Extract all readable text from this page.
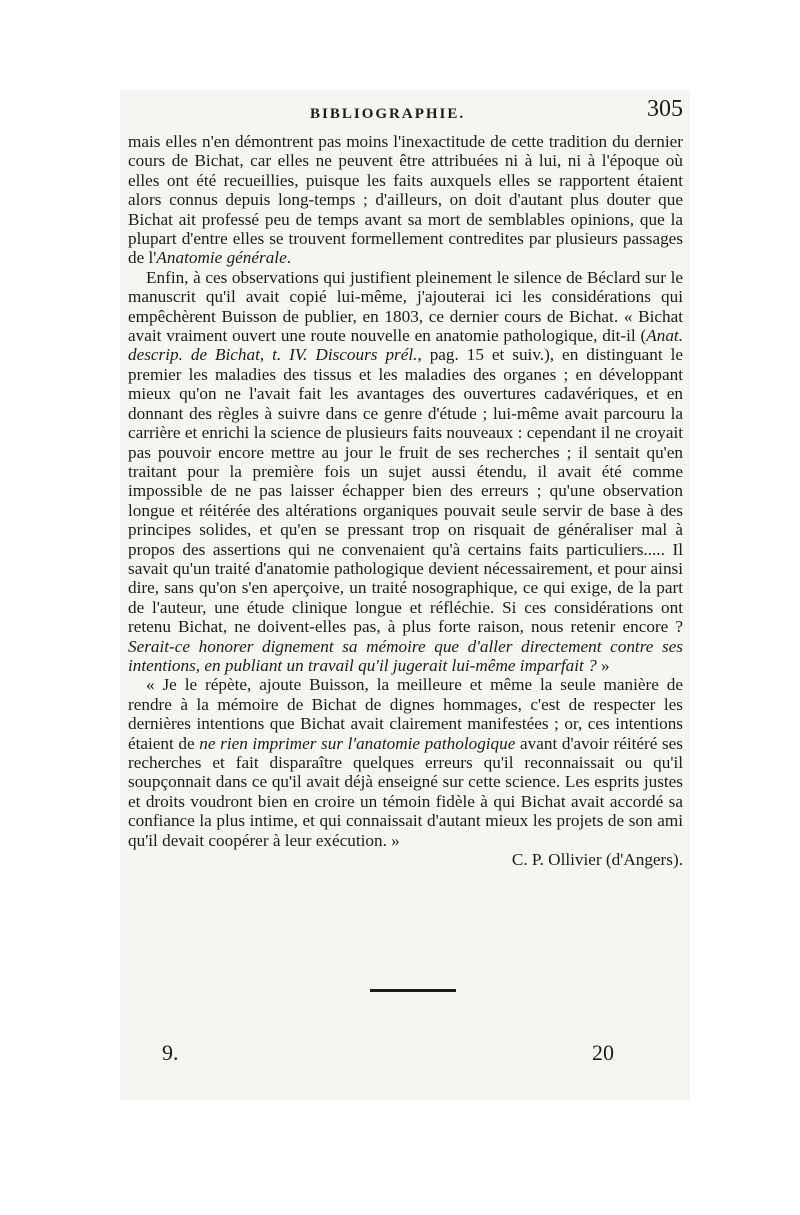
BIBLIOGRAPHIE.	305

mais elles n'en démontrent pas moins l'inexactitude de cette tradition du dernier cours de Bichat, car elles ne peuvent être attribuées ni à lui, ni à l'époque où elles ont été recueillies, puisque les faits auxquels elles se rapportent étaient alors connus depuis long-temps ; d'ailleurs, on doit d'autant plus douter que Bichat ait professé peu de temps avant sa mort de semblables opinions, que la plupart d'entre elles se trouvent formellement contredites par plusieurs passages de l'Anatomie générale.

Enfin, à ces observations qui justifient pleinement le silence de Béclard sur le manuscrit qu'il avait copié lui-même, j'ajouterai ici les considérations qui empêchèrent Buisson de publier, en 1803, ce dernier cours de Bichat. « Bichat avait vraiment ouvert une route nouvelle en anatomie pathologique, dit-il (Anat. descrip. de Bichat, t. IV. Discours prél., pag. 15 et suiv.), en distinguant le premier les maladies des tissus et les maladies des organes ; en développant mieux qu'on ne l'avait fait les avantages des ouvertures cadavériques, et en donnant des règles à suivre dans ce genre d'étude ; lui-même avait parcouru la carrière et enrichi la science de plusieurs faits nouveaux : cependant il ne croyait pas pouvoir encore mettre au jour le fruit de ses recherches ; il sentait qu'en traitant pour la première fois un sujet aussi étendu, il avait été comme impossible de ne pas laisser échapper bien des erreurs ; qu'une observation longue et réitérée des altérations organiques pouvait seule servir de base à des principes solides, et qu'en se pressant trop on risquait de généraliser mal à propos des assertions qui ne convenaient qu'à certains faits particuliers..... Il savait qu'un traité d'anatomie pathologique devient nécessairement, et pour ainsi dire, sans qu'on s'en aperçoive, un traité nosographique, ce qui exige, de la part de l'auteur, une étude clinique longue et réfléchie. Si ces considérations ont retenu Bichat, ne doivent-elles pas, à plus forte raison, nous retenir encore ? Serait-ce honorer dignement sa mémoire que d'aller directement contre ses intentions, en publiant un travail qu'il jugerait lui-même imparfait ? »

« Je le répète, ajoute Buisson, la meilleure et même la seule manière de rendre à la mémoire de Bichat de dignes hommages, c'est de respecter les dernières intentions que Bichat avait clairement manifestées ; or, ces intentions étaient de ne rien imprimer sur l'anatomie pathologique avant d'avoir réitéré ses recherches et fait disparaître quelques erreurs qu'il reconnaissait ou qu'il soupçonnait dans ce qu'il avait déjà enseigné sur cette science. Les esprits justes et droits voudront bien en croire un témoin fidèle à qui Bichat avait accordé sa confiance la plus intime, et qui connaissait d'autant mieux les projets de son ami qu'il devait coopérer à leur exécution. »

C. P. Ollivier (d'Angers).

9.	20
